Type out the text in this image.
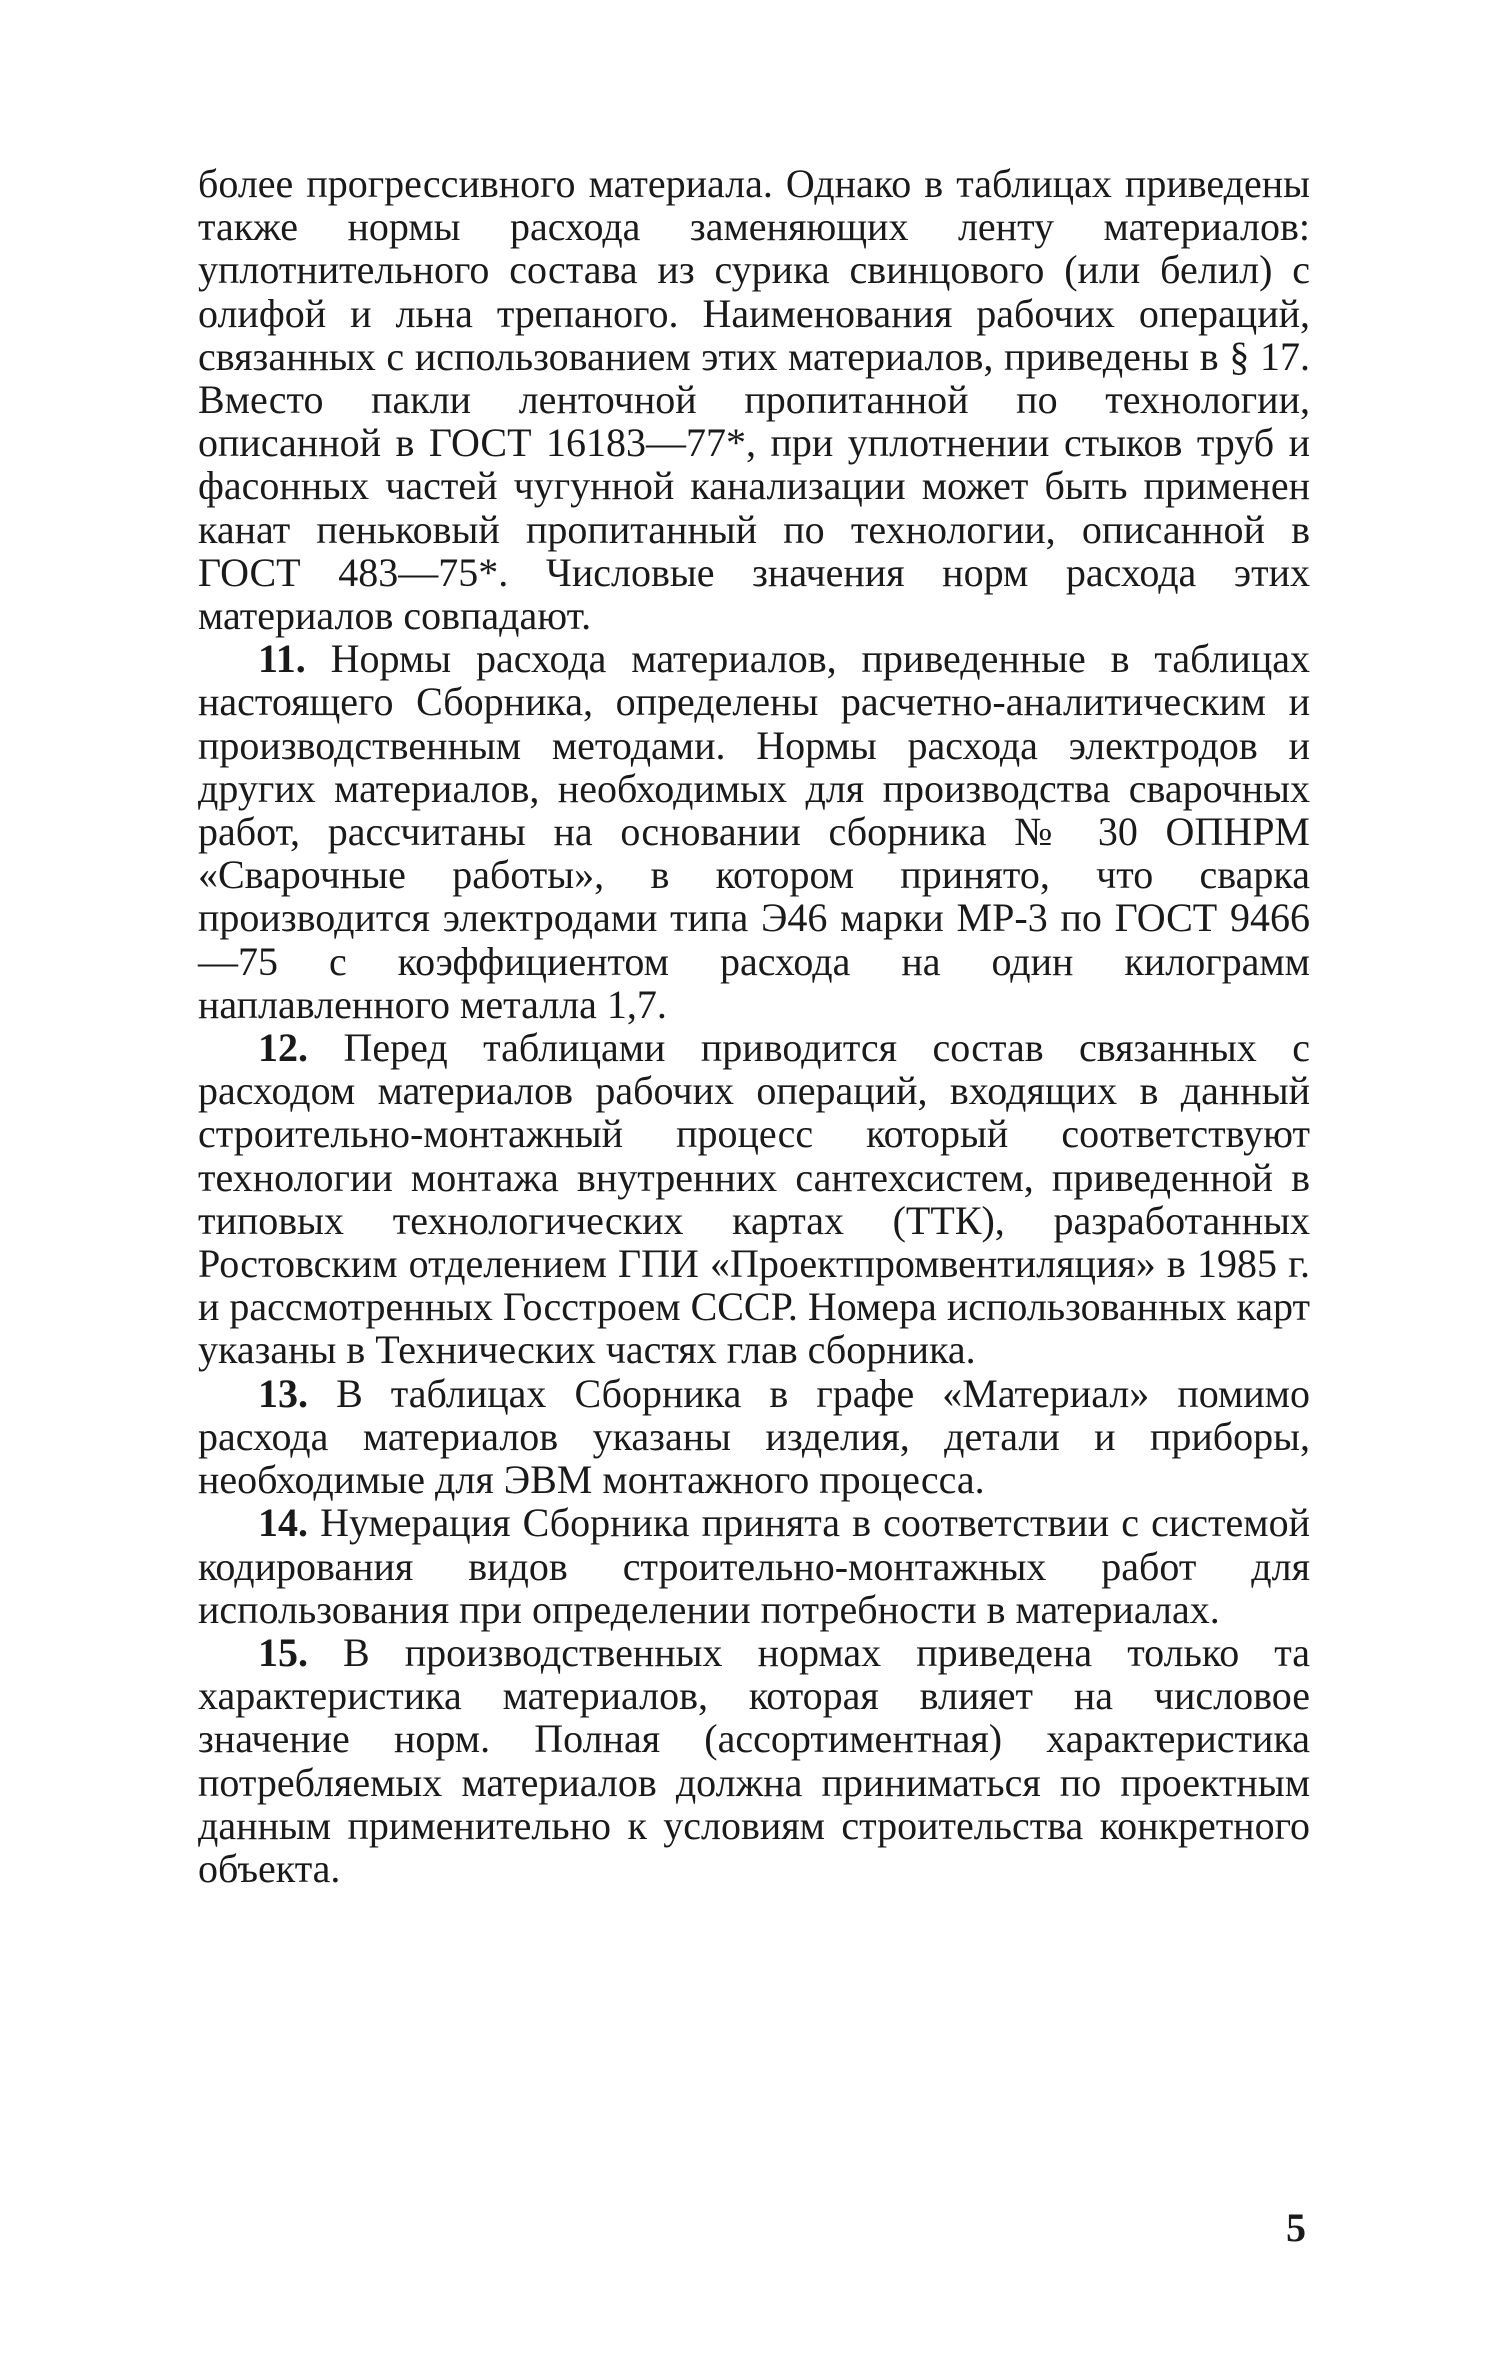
более прогрессивного материала. Однако в таблицах приведены также нормы расхода заменяющих ленту материалов: уплотнительного состава из сурика свинцового (или белил) с олифой и льна трепаного. Наименования рабочих операций, связанных с использованием этих материалов, приведены в § 17. Вместо пакли ленточной пропитанной по технологии, описанной в ГОСТ 16183—77*, при уплотнении стыков труб и фасонных частей чугунной канализации может быть применен канат пеньковый пропитанный по технологии, описанной в ГОСТ 483—75*. Числовые значения норм расхода этих материалов совпадают.

11. Нормы расхода материалов, приведенные в таблицах настоящего Сборника, определены расчетно-аналитическим и производственным методами. Нормы расхода электродов и других материалов, необходимых для производства сварочных работ, рассчитаны на основании сборника № 30 ОПНРМ «Сварочные работы», в котором принято, что сварка производится электродами типа Э46 марки МР-3 по ГОСТ 9466—75 с коэффициентом расхода на один килограмм наплавленного металла 1,7.

12. Перед таблицами приводится состав связанных с расходом материалов рабочих операций, входящих в данный строительно-монтажный процесс который соответствуют технологии монтажа внутренних сантехсистем, приведенной в типовых технологических картах (ТТК), разработанных Ростовским отделением ГПИ «Проектпромвентиляция» в 1985 г. и рассмотренных Госстроем СССР. Номера использованных карт указаны в Технических частях глав сборника.

13. В таблицах Сборника в графе «Материал» помимо расхода материалов указаны изделия, детали и приборы, необходимые для ЭВМ монтажного процесса.

14. Нумерация Сборника принята в соответствии с системой кодирования видов строительно-монтажных работ для использования при определении потребности в материалах.

15. В производственных нормах приведена только та характеристика материалов, которая влияет на числовое значение норм. Полная (ассортиментная) характеристика потребляемых материалов должна приниматься по проектным данным применительно к условиям строительства конкретного объекта.

5
